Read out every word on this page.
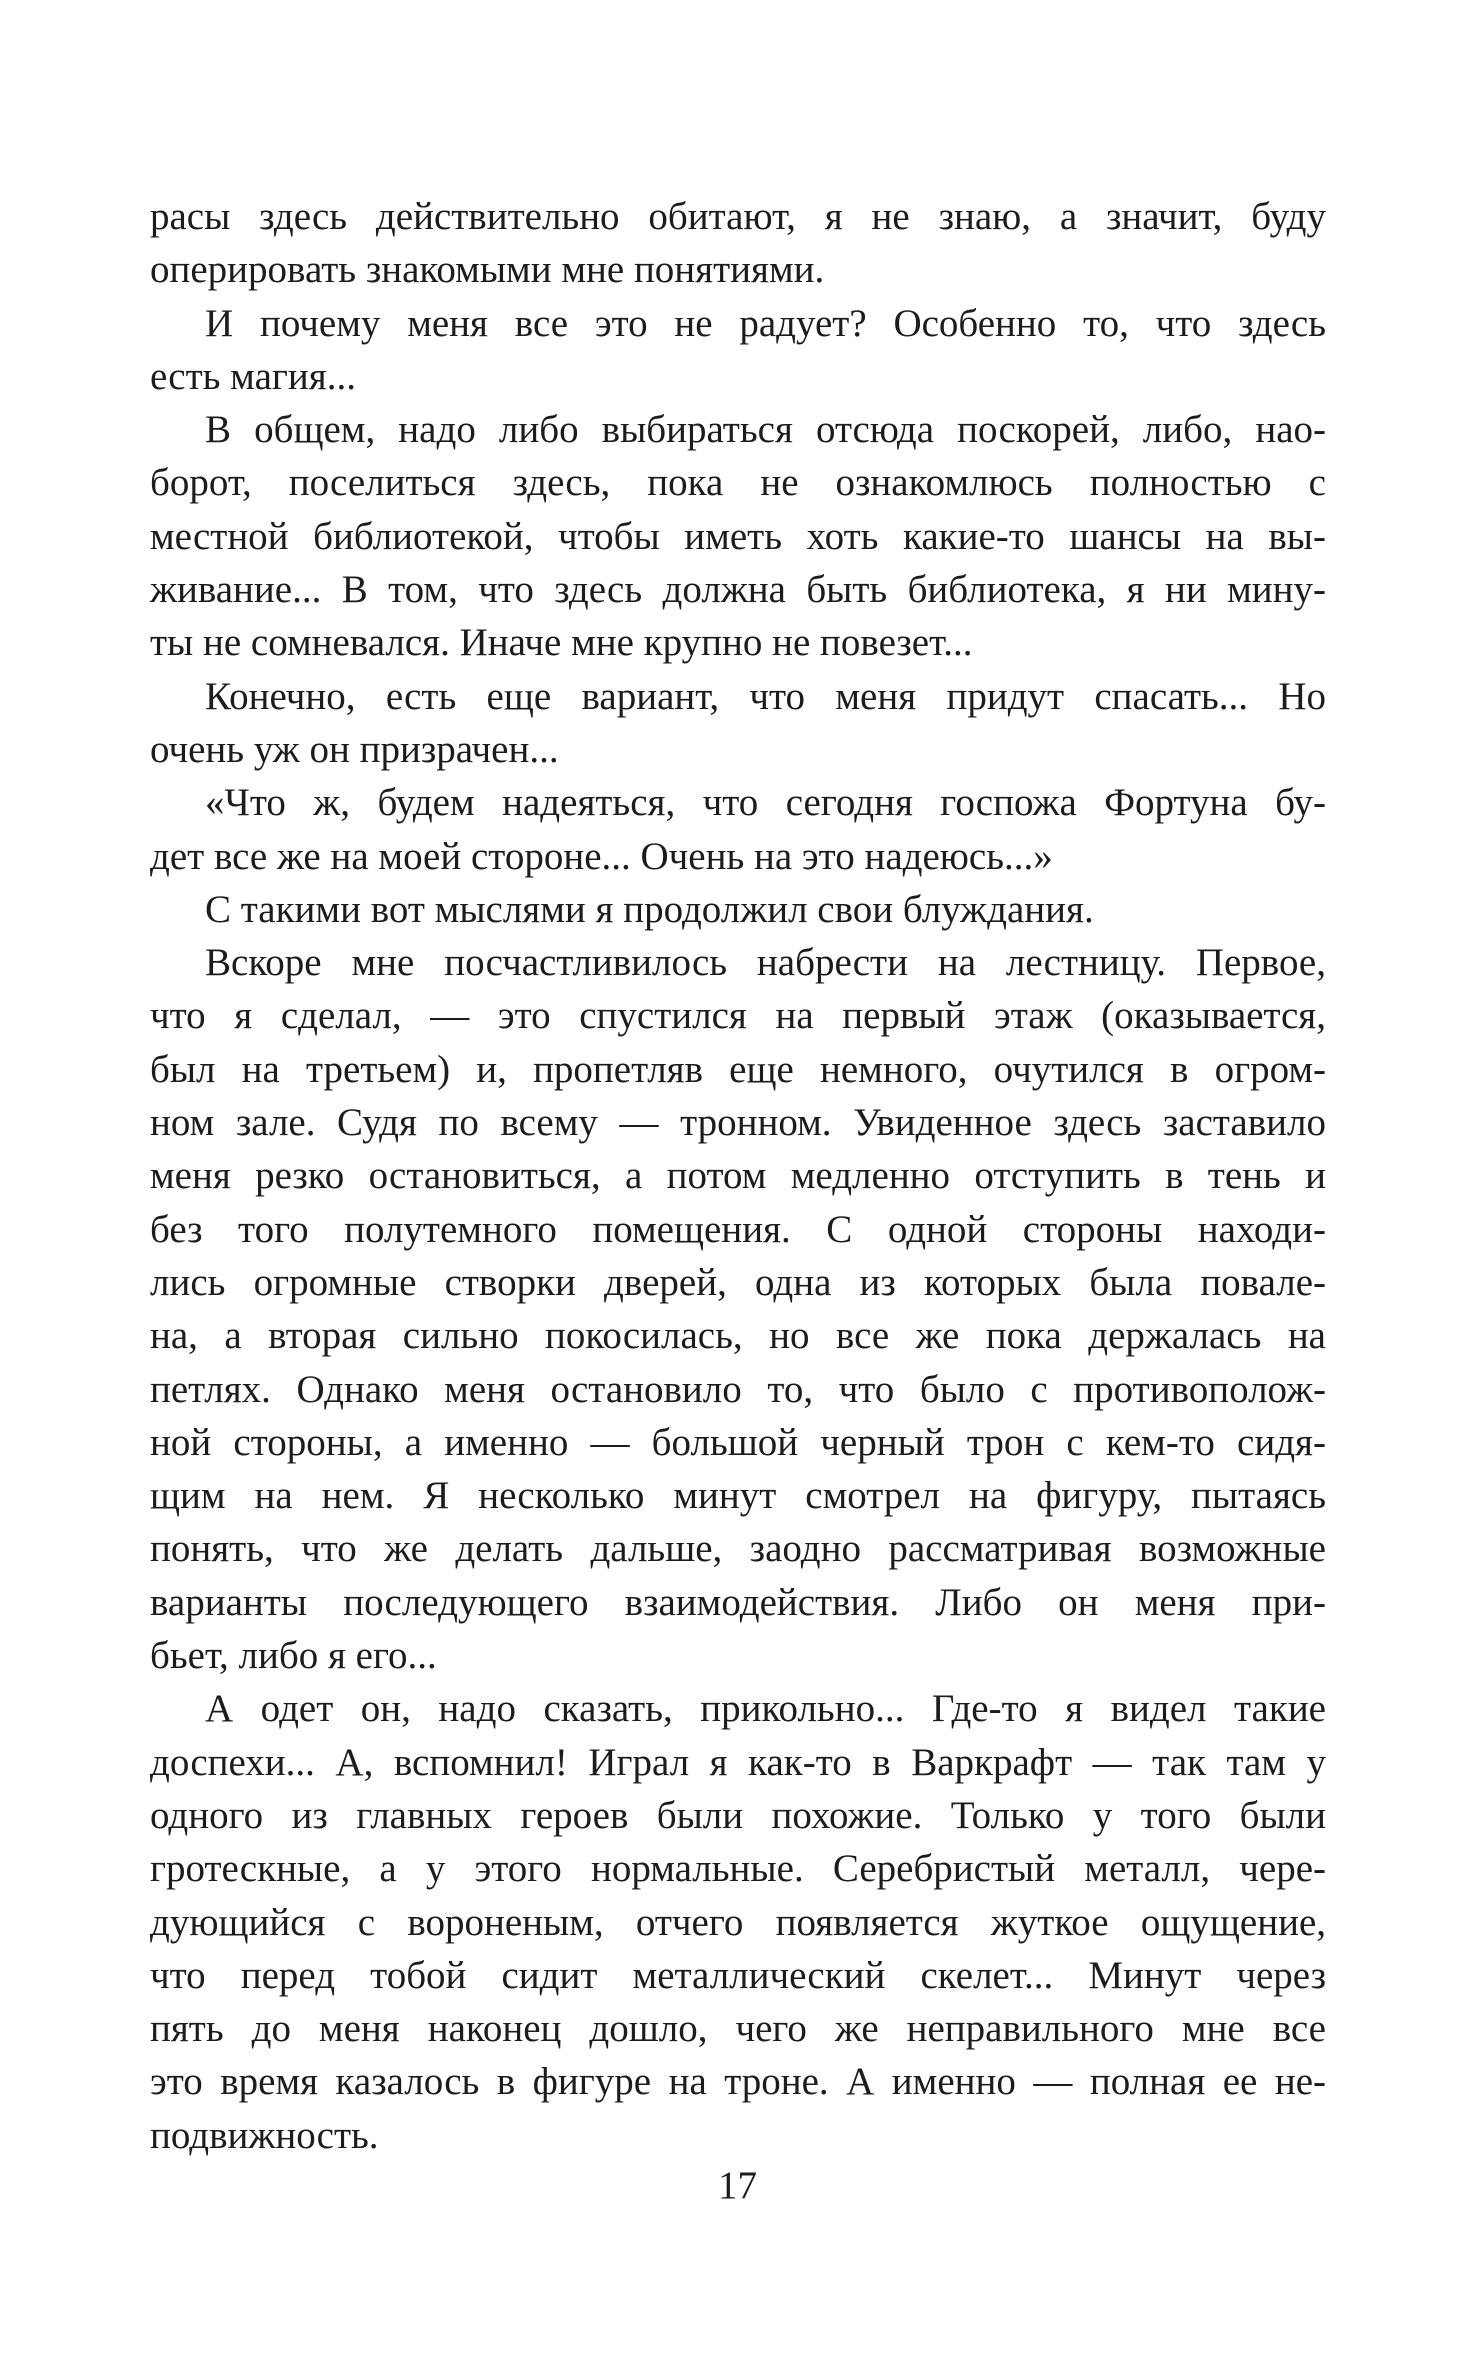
расы здесь действительно обитают, я не знаю, а значит, буду
оперировать знакомыми мне понятиями.
И почему меня все это не радует? Особенно то, что здесь
есть магия...
В общем, надо либо выбираться отсюда поскорей, либо, нао-
борот, поселиться здесь, пока не ознакомлюсь полностью с
местной библиотекой, чтобы иметь хоть какие-то шансы на вы-
живание... В том, что здесь должна быть библиотека, я ни мину-
ты не сомневался. Иначе мне крупно не повезет...
Конечно, есть еще вариант, что меня придут спасать... Но
очень уж он призрачен...
«Что ж, будем надеяться, что сегодня госпожа Фортуна бу-
дет все же на моей стороне... Очень на это надеюсь...»
С такими вот мыслями я продолжил свои блуждания.
Вскоре мне посчастливилось набрести на лестницу. Первое,
что я сделал, — это спустился на первый этаж (оказывается,
был на третьем) и, пропетляв еще немного, очутился в огром-
ном зале. Судя по всему — тронном. Увиденное здесь заставило
меня резко остановиться, а потом медленно отступить в тень и
без того полутемного помещения. С одной стороны находи-
лись огромные створки дверей, одна из которых была повале-
на, а вторая сильно покосилась, но все же пока держалась на
петлях. Однако меня остановило то, что было с противополож-
ной стороны, а именно — большой черный трон с кем-то сидя-
щим на нем. Я несколько минут смотрел на фигуру, пытаясь
понять, что же делать дальше, заодно рассматривая возможные
варианты последующего взаимодействия. Либо он меня при-
бьет, либо я его...
А одет он, надо сказать, прикольно... Где-то я видел такие
доспехи... А, вспомнил! Играл я как-то в Варкрафт — так там у
одного из главных героев были похожие. Только у того были
гротескные, а у этого нормальные. Серебристый металл, чере-
дующийся с вороненым, отчего появляется жуткое ощущение,
что перед тобой сидит металлический скелет... Минут через
пять до меня наконец дошло, чего же неправильного мне все
это время казалось в фигуре на троне. А именно — полная ее не-
подвижность.
17
